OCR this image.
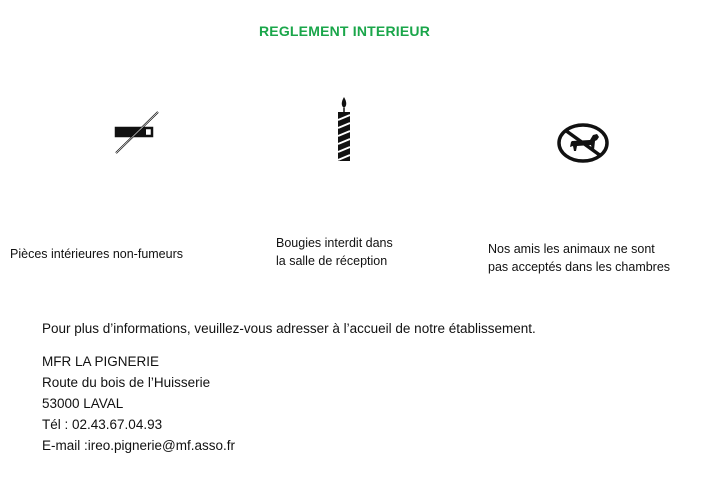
REGLEMENT INTERIEUR
Pièces intérieures non-fumeurs
Bougies interdit dans
la salle de réception
Nos amis les animaux ne sont
pas acceptés dans les chambres
Pour plus d’informations, veuillez-vous adresser à l’accueil de notre établissement.
MFR LA PIGNERIE
Route du bois de l’Huisserie
53000 LAVAL
Tél : 02.43.67.04.93
E-mail :ireo.pignerie@mf.asso.fr
